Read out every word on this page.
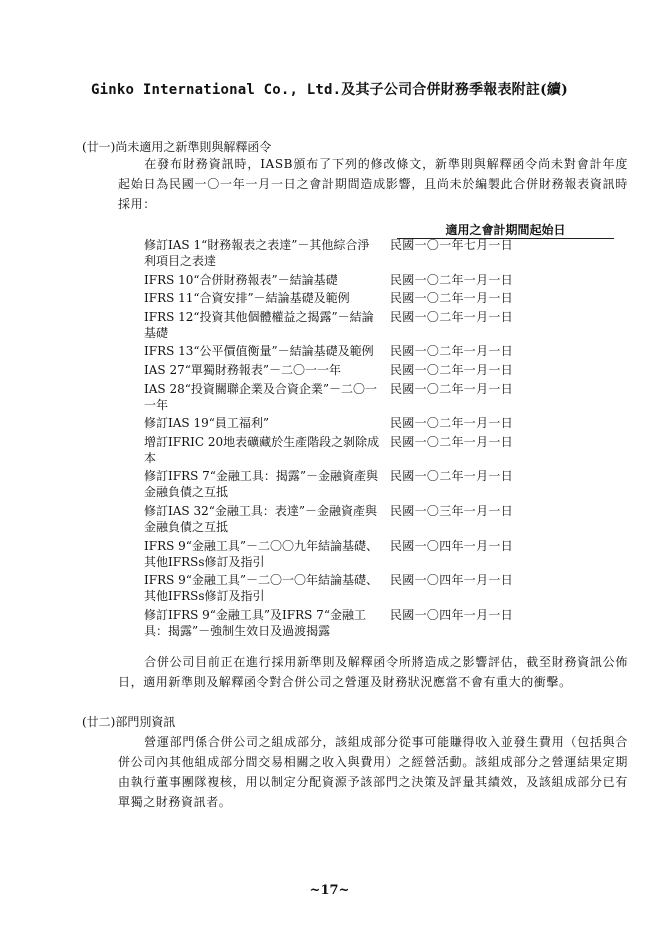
Ginko International Co., Ltd.及其子公司合併財務季報表附註(續)
(廿一)尚未適用之新準則與解釋函令
在發布財務資訊時，IASB頒布了下列的修改條文，新準則與解釋函令尚未對會計年度起始日為民國一〇一年一月一日之會計期間造成影響，且尚未於編製此合併財務報表資訊時採用：
適用之會計期間起始日
修訂IAS 1“財務報表之表達”－其他綜合淨利項目之表達
民國一〇一年七月一日
IFRS 10“合併財務報表”－結論基礎	民國一〇二年一月一日
IFRS 11“合資安排”－結論基礎及範例	民國一〇二年一月一日
IFRS 12“投資其他個體權益之揭露”－結論基礎
民國一〇二年一月一日
IFRS 13“公平價值衡量”－結論基礎及範例	民國一〇二年一月一日
IAS 27“單獨財務報表”－二〇一一年	民國一〇二年一月一日
IAS 28“投資關聯企業及合資企業”－二〇一一年
民國一〇二年一月一日
修訂IAS 19“員工福利”	民國一〇二年一月一日
增訂IFRIC 20地表礦藏於生產階段之剝除成本
民國一〇二年一月一日
修訂IFRS 7“金融工具：揭露”－金融資產與金融負債之互抵
民國一〇二年一月一日
修訂IAS 32“金融工具：表達”－金融資產與金融負債之互抵
民國一〇三年一月一日
IFRS 9“金融工具”－二〇〇九年結論基礎、其他IFRSs修訂及指引
民國一〇四年一月一日
IFRS 9“金融工具”－二〇一〇年結論基礎、其他IFRSs修訂及指引
民國一〇四年一月一日
修訂IFRS 9“金融工具”及IFRS 7“金融工具：揭露”－強制生效日及過渡揭露
民國一〇四年一月一日
合併公司目前正在進行採用新準則及解釋函令所將造成之影響評估，截至財務資訊公佈日，適用新準則及解釋函令對合併公司之營運及財務狀況應當不會有重大的衝擊。
(廿二)部門別資訊
營運部門係合併公司之組成部分，該組成部分從事可能賺得收入並發生費用（包括與合併公司內其他組成部分間交易相關之收入與費用）之經營活動。該組成部分之營運結果定期由執行董事團隊複核，用以制定分配資源予該部門之決策及評量其績效，及該組成部分已有單獨之財務資訊者。
~17~
